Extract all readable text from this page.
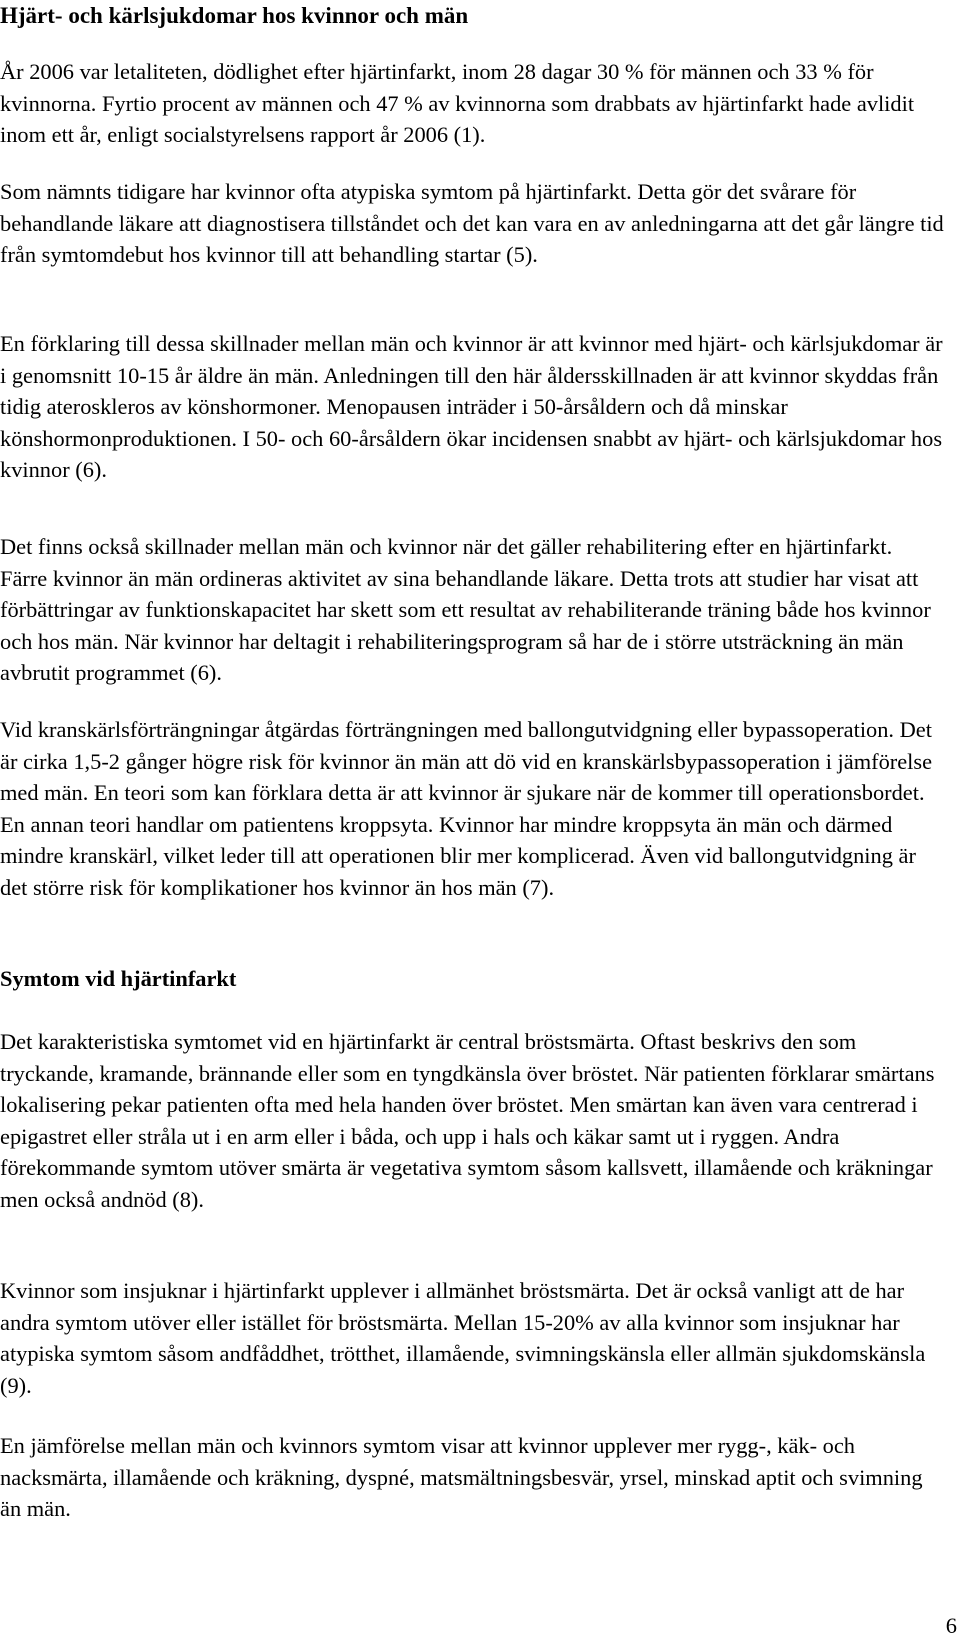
Hjärt- och kärlsjukdomar hos kvinnor och män

År 2006 var letaliteten, dödlighet efter hjärtinfarkt, inom 28 dagar 30 % för männen och 33 % för kvinnorna. Fyrtio procent av männen och 47 % av kvinnorna som drabbats av hjärtinfarkt hade avlidit inom ett år, enligt socialstyrelsens rapport år 2006 (1).

Som nämnts tidigare har kvinnor ofta atypiska symtom på hjärtinfarkt. Detta gör det svårare för behandlande läkare att diagnostisera tillståndet och det kan vara en av anledningarna att det går längre tid från symtomdebut hos kvinnor till att behandling startar (5).

En förklaring till dessa skillnader mellan män och kvinnor är att kvinnor med hjärt- och kärlsjukdomar är i genomsnitt 10-15 år äldre än män. Anledningen till den här åldersskillnaden är att kvinnor skyddas från tidig ateroskleros av könshormoner. Menopausen inträder i 50-årsåldern och då minskar könshormonproduktionen. I 50- och 60-årsåldern ökar incidensen snabbt av hjärt- och kärlsjukdomar hos kvinnor (6).

Det finns också skillnader mellan män och kvinnor när det gäller rehabilitering efter en hjärtinfarkt. Färre kvinnor än män ordineras aktivitet av sina behandlande läkare. Detta trots att studier har visat att förbättringar av funktionskapacitet har skett som ett resultat av rehabiliterande träning både hos kvinnor och hos män. När kvinnor har deltagit i rehabiliteringsprogram så har de i större utsträckning än män avbrutit programmet (6).

Vid kranskärlsförträngningar åtgärdas förträngningen med ballongutvidgning eller bypassoperation. Det är cirka 1,5-2 gånger högre risk för kvinnor än män att dö vid en kranskärlsbypassoperation i jämförelse med män. En teori som kan förklara detta är att kvinnor är sjukare när de kommer till operationsbordet. En annan teori handlar om patientens kroppsyta. Kvinnor har mindre kroppsyta än män och därmed mindre kranskärl, vilket leder till att operationen blir mer komplicerad. Även vid ballongutvidgning är det större risk för komplikationer hos kvinnor än hos män (7).

Symtom vid hjärtinfarkt

Det karakteristiska symtomet vid en hjärtinfarkt är central bröstsmärta. Oftast beskrivs den som tryckande, kramande, brännande eller som en tyngdkänsla över bröstet. När patienten förklarar smärtans lokalisering pekar patienten ofta med hela handen över bröstet. Men smärtan kan även vara centrerad i epigastret eller stråla ut i en arm eller i båda, och upp i hals och käkar samt ut i ryggen. Andra förekommande symtom utöver smärta är vegetativa symtom såsom kallsvett, illamående och kräkningar men också andnöd (8).

Kvinnor som insjuknar i hjärtinfarkt upplever i allmänhet bröstsmärta. Det är också vanligt att de har andra symtom utöver eller istället för bröstsmärta. Mellan 15-20% av alla kvinnor som insjuknar har atypiska symtom såsom andfåddhet, trötthet, illamående, svimningskänsla eller allmän sjukdomskänsla (9).

En jämförelse mellan män och kvinnors symtom visar att kvinnor upplever mer rygg-, käk- och nacksmärta, illamående och kräkning, dyspné, matsmältningsbesvär, yrsel, minskad aptit och svimning än män.

6
